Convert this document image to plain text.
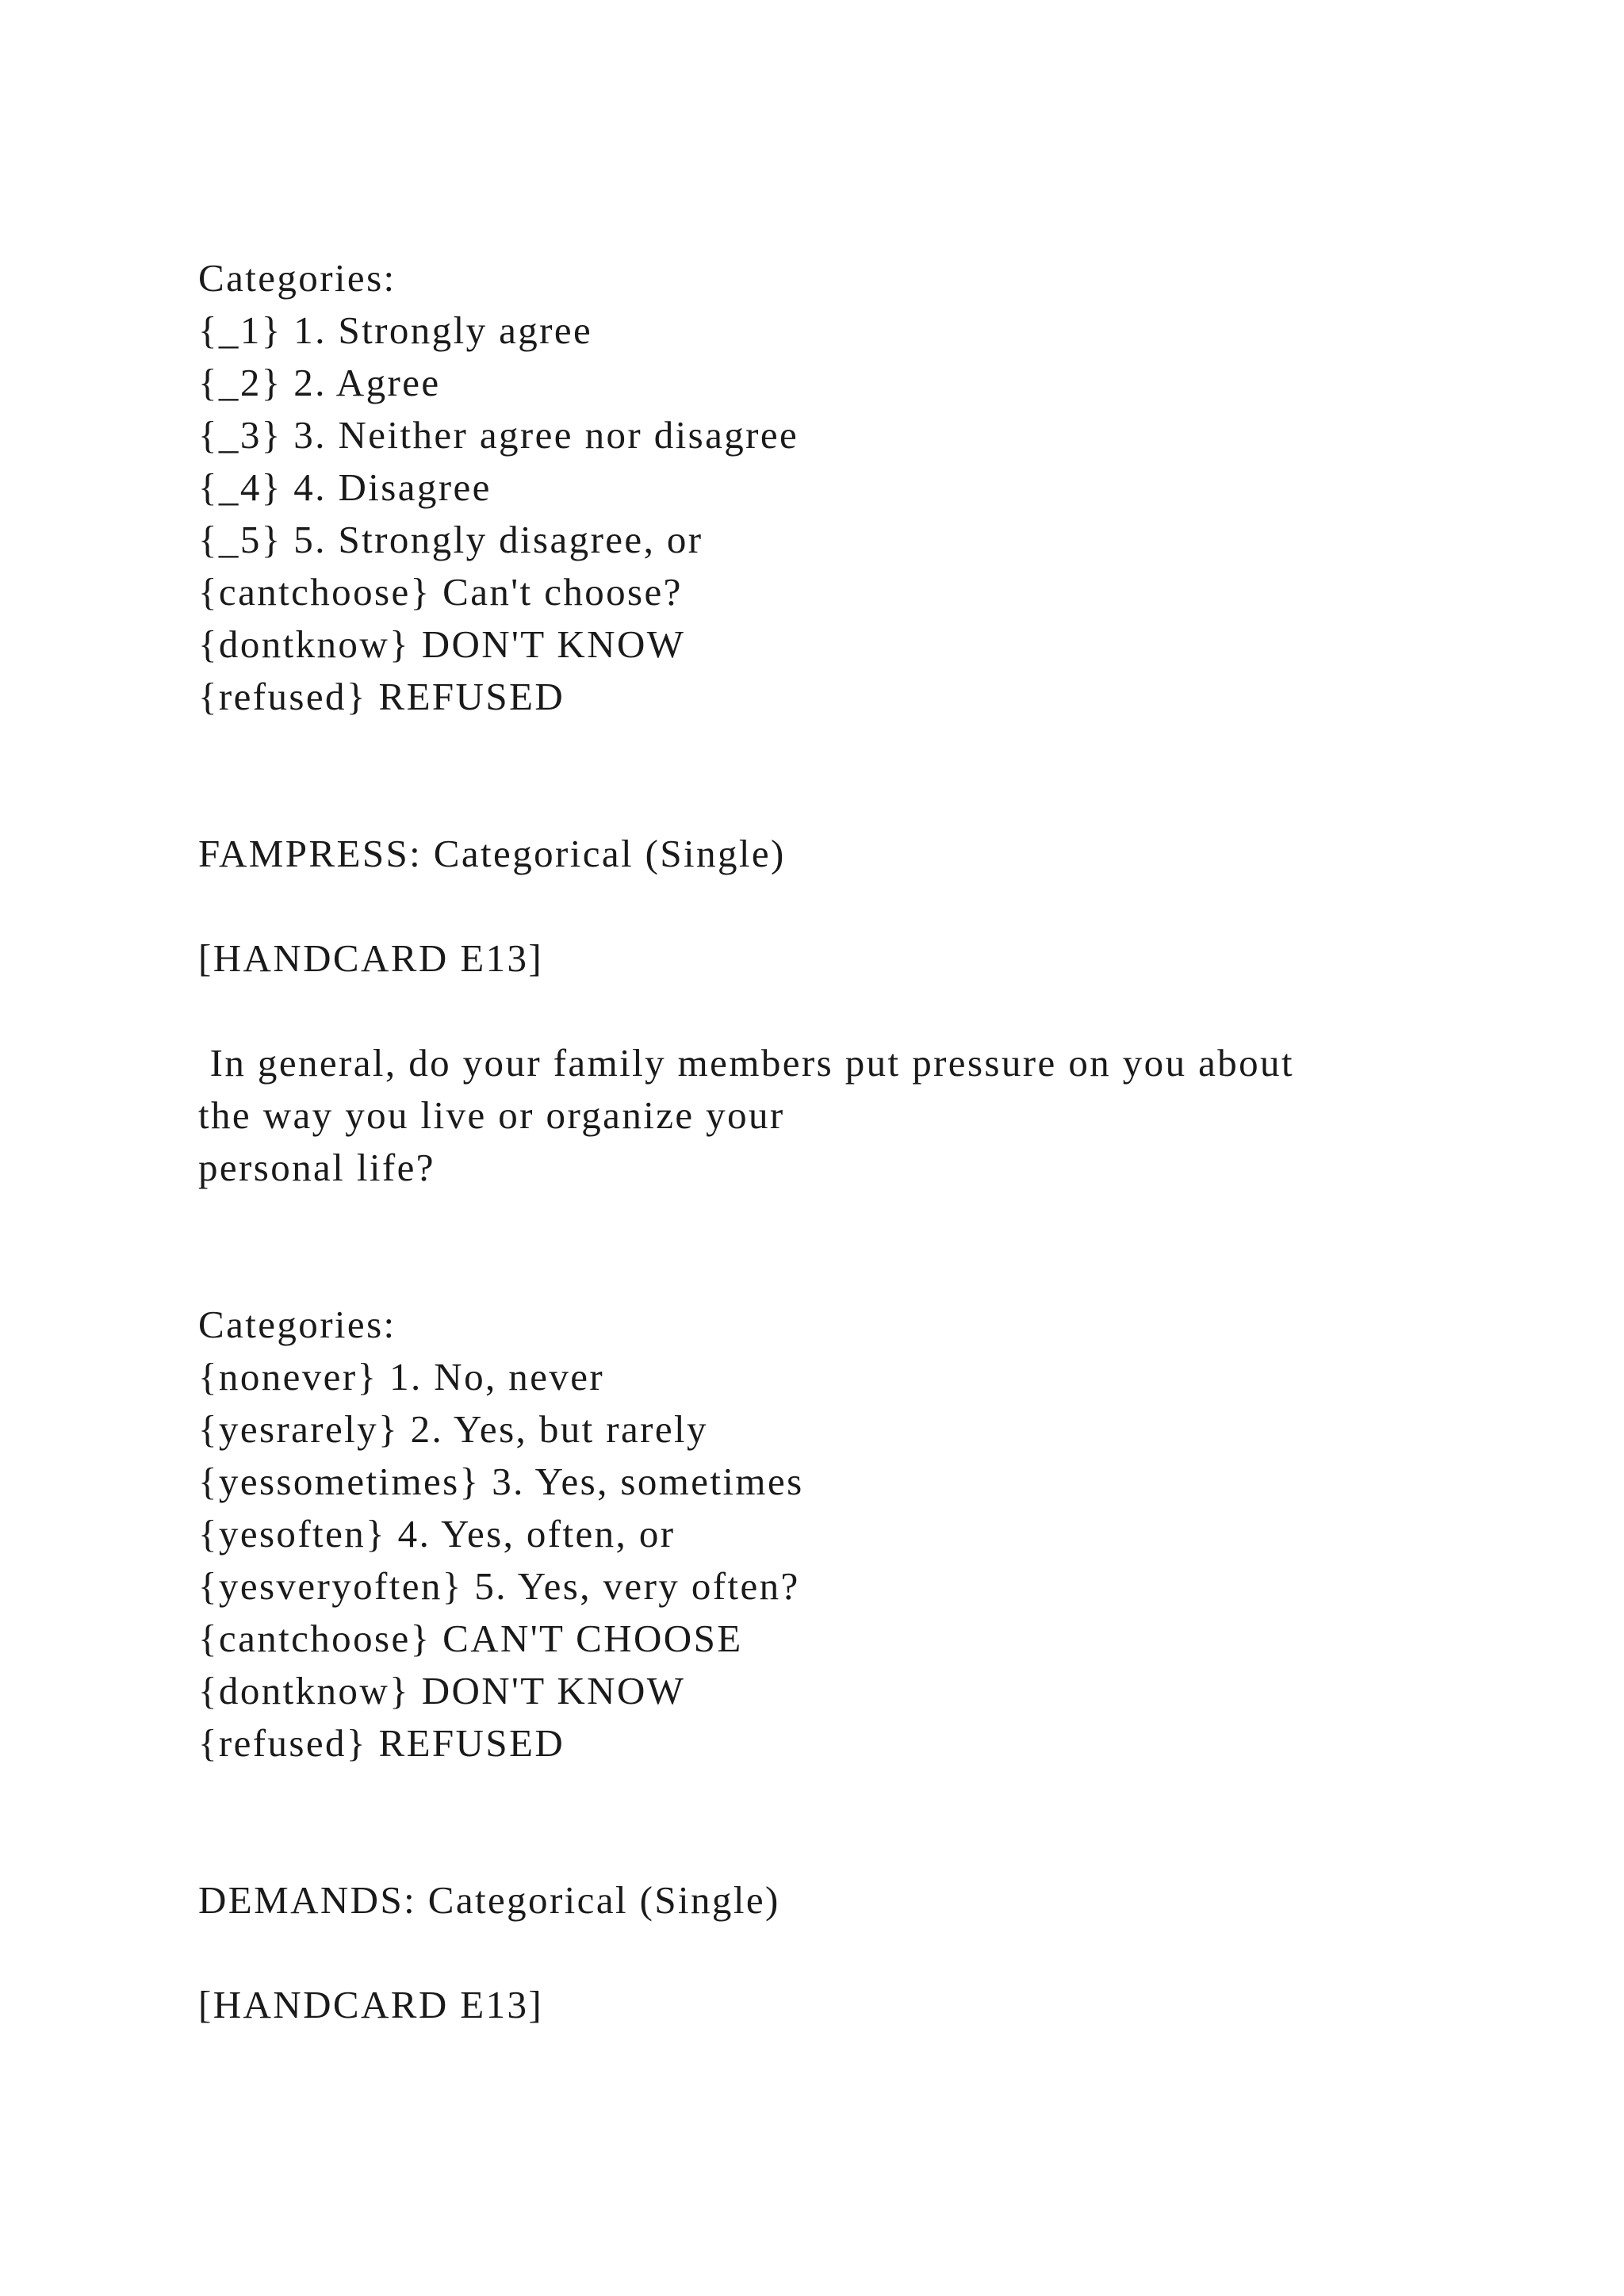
Categories:
{_1} 1. Strongly agree
{_2} 2. Agree
{_3} 3. Neither agree nor disagree
{_4} 4. Disagree
{_5} 5. Strongly disagree, or
{cantchoose} Can't choose?
{dontknow} DON'T KNOW
{refused} REFUSED
FAMPRESS: Categorical (Single)
[HANDCARD E13]
In general, do your family members put pressure on you about
the way you live or organize your
personal life?
Categories:
{nonever} 1. No, never
{yesrarely} 2. Yes, but rarely
{yessometimes} 3. Yes, sometimes
{yesoften} 4. Yes, often, or
{yesveryoften} 5. Yes, very often?
{cantchoose} CAN'T CHOOSE
{dontknow} DON'T KNOW
{refused} REFUSED
DEMANDS: Categorical (Single)
[HANDCARD E13]
